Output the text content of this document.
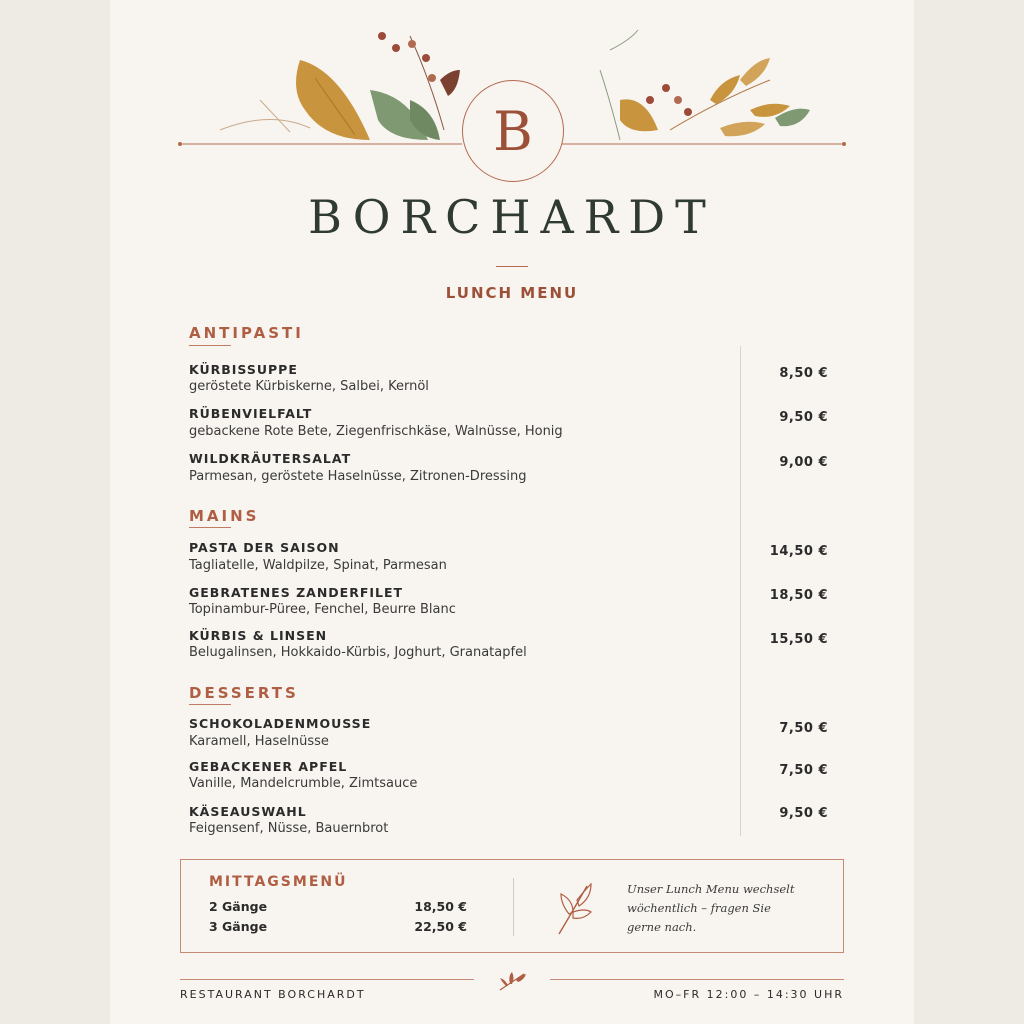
B
BORCHARDT
LUNCH MENU
ANTIPASTI
KÜRBISSUPPE
geröstete Kürbiskerne, Salbei, Kernöl
8,50 €
RÜBENVIELFALT
gebackene Rote Bete, Ziegenfrischkäse, Walnüsse, Honig
9,50 €
WILDKRÄUTERSALAT
Parmesan, geröstete Haselnüsse, Zitronen-Dressing
9,00 €
MAINS
PASTA DER SAISON
Tagliatelle, Waldpilze, Spinat, Parmesan
14,50 €
GEBRATENES ZANDERFILET
Topinambur-Püree, Fenchel, Beurre Blanc
18,50 €
KÜRBIS & LINSEN
Belugalinsen, Hokkaido-Kürbis, Joghurt, Granatapfel
15,50 €
DESSERTS
SCHOKOLADENMOUSSE
Karamell, Haselnüsse
7,50 €
GEBACKENER APFEL
Vanille, Mandelcrumble, Zimtsauce
7,50 €
KÄSEAUSWAHL
Feigensenf, Nüsse, Bauernbrot
9,50 €
MITTAGSMENÜ
2 Gänge	18,50 €
3 Gänge	22,50 €
Unser Lunch Menu wechselt wöchentlich – fragen Sie gerne nach.
RESTAURANT BORCHARDT	MO–FR 12:00 – 14:30 UHR
